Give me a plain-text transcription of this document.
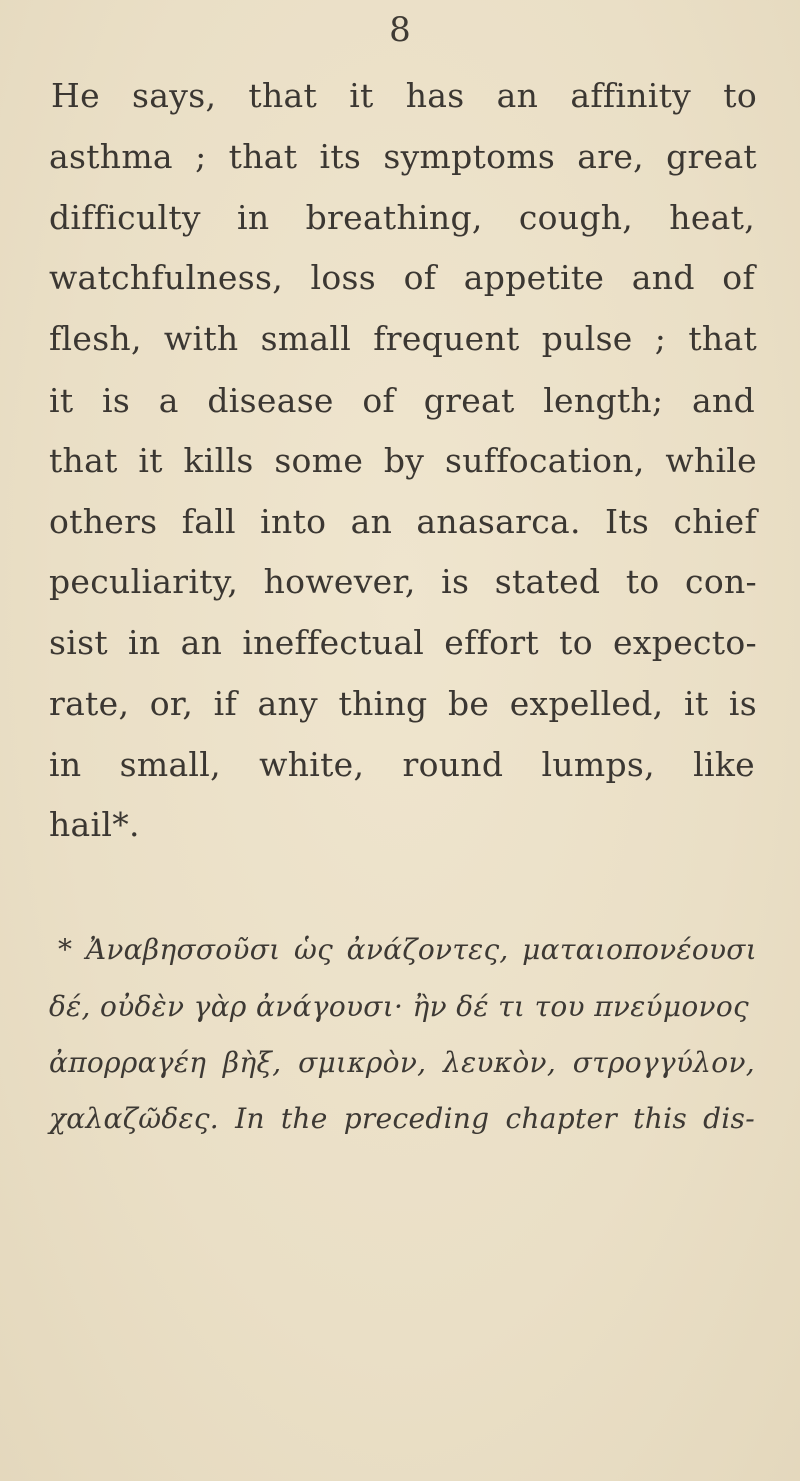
8
He says, that it has an affinity to
asthma ; that its symptoms are, great
difficulty in breathing, cough, heat,
watchfulness, loss of appetite and of
flesh, with small frequent pulse ; that
it is a disease of great length; and
that it kills some by suffocation, while
others fall into an anasarca. Its chief
peculiarity, however, is stated to con-
sist in an ineffectual effort to expecto-
rate, or, if any thing be expelled, it is
in small, white, round lumps, like
hail*.
* Ἀναβησσοῦσι ὡς ἀνάζοντες, ματαιοπονέουσι
δέ, οὐδὲν γὰρ ἀνάγουσι· ἢν δέ τι του πνεύμονος
ἀπορραγέη βὴξ, σμικρὸν, λευκὸν, στρογγύλον,
χαλαζῶδες. In the preceding chapter this dis-
